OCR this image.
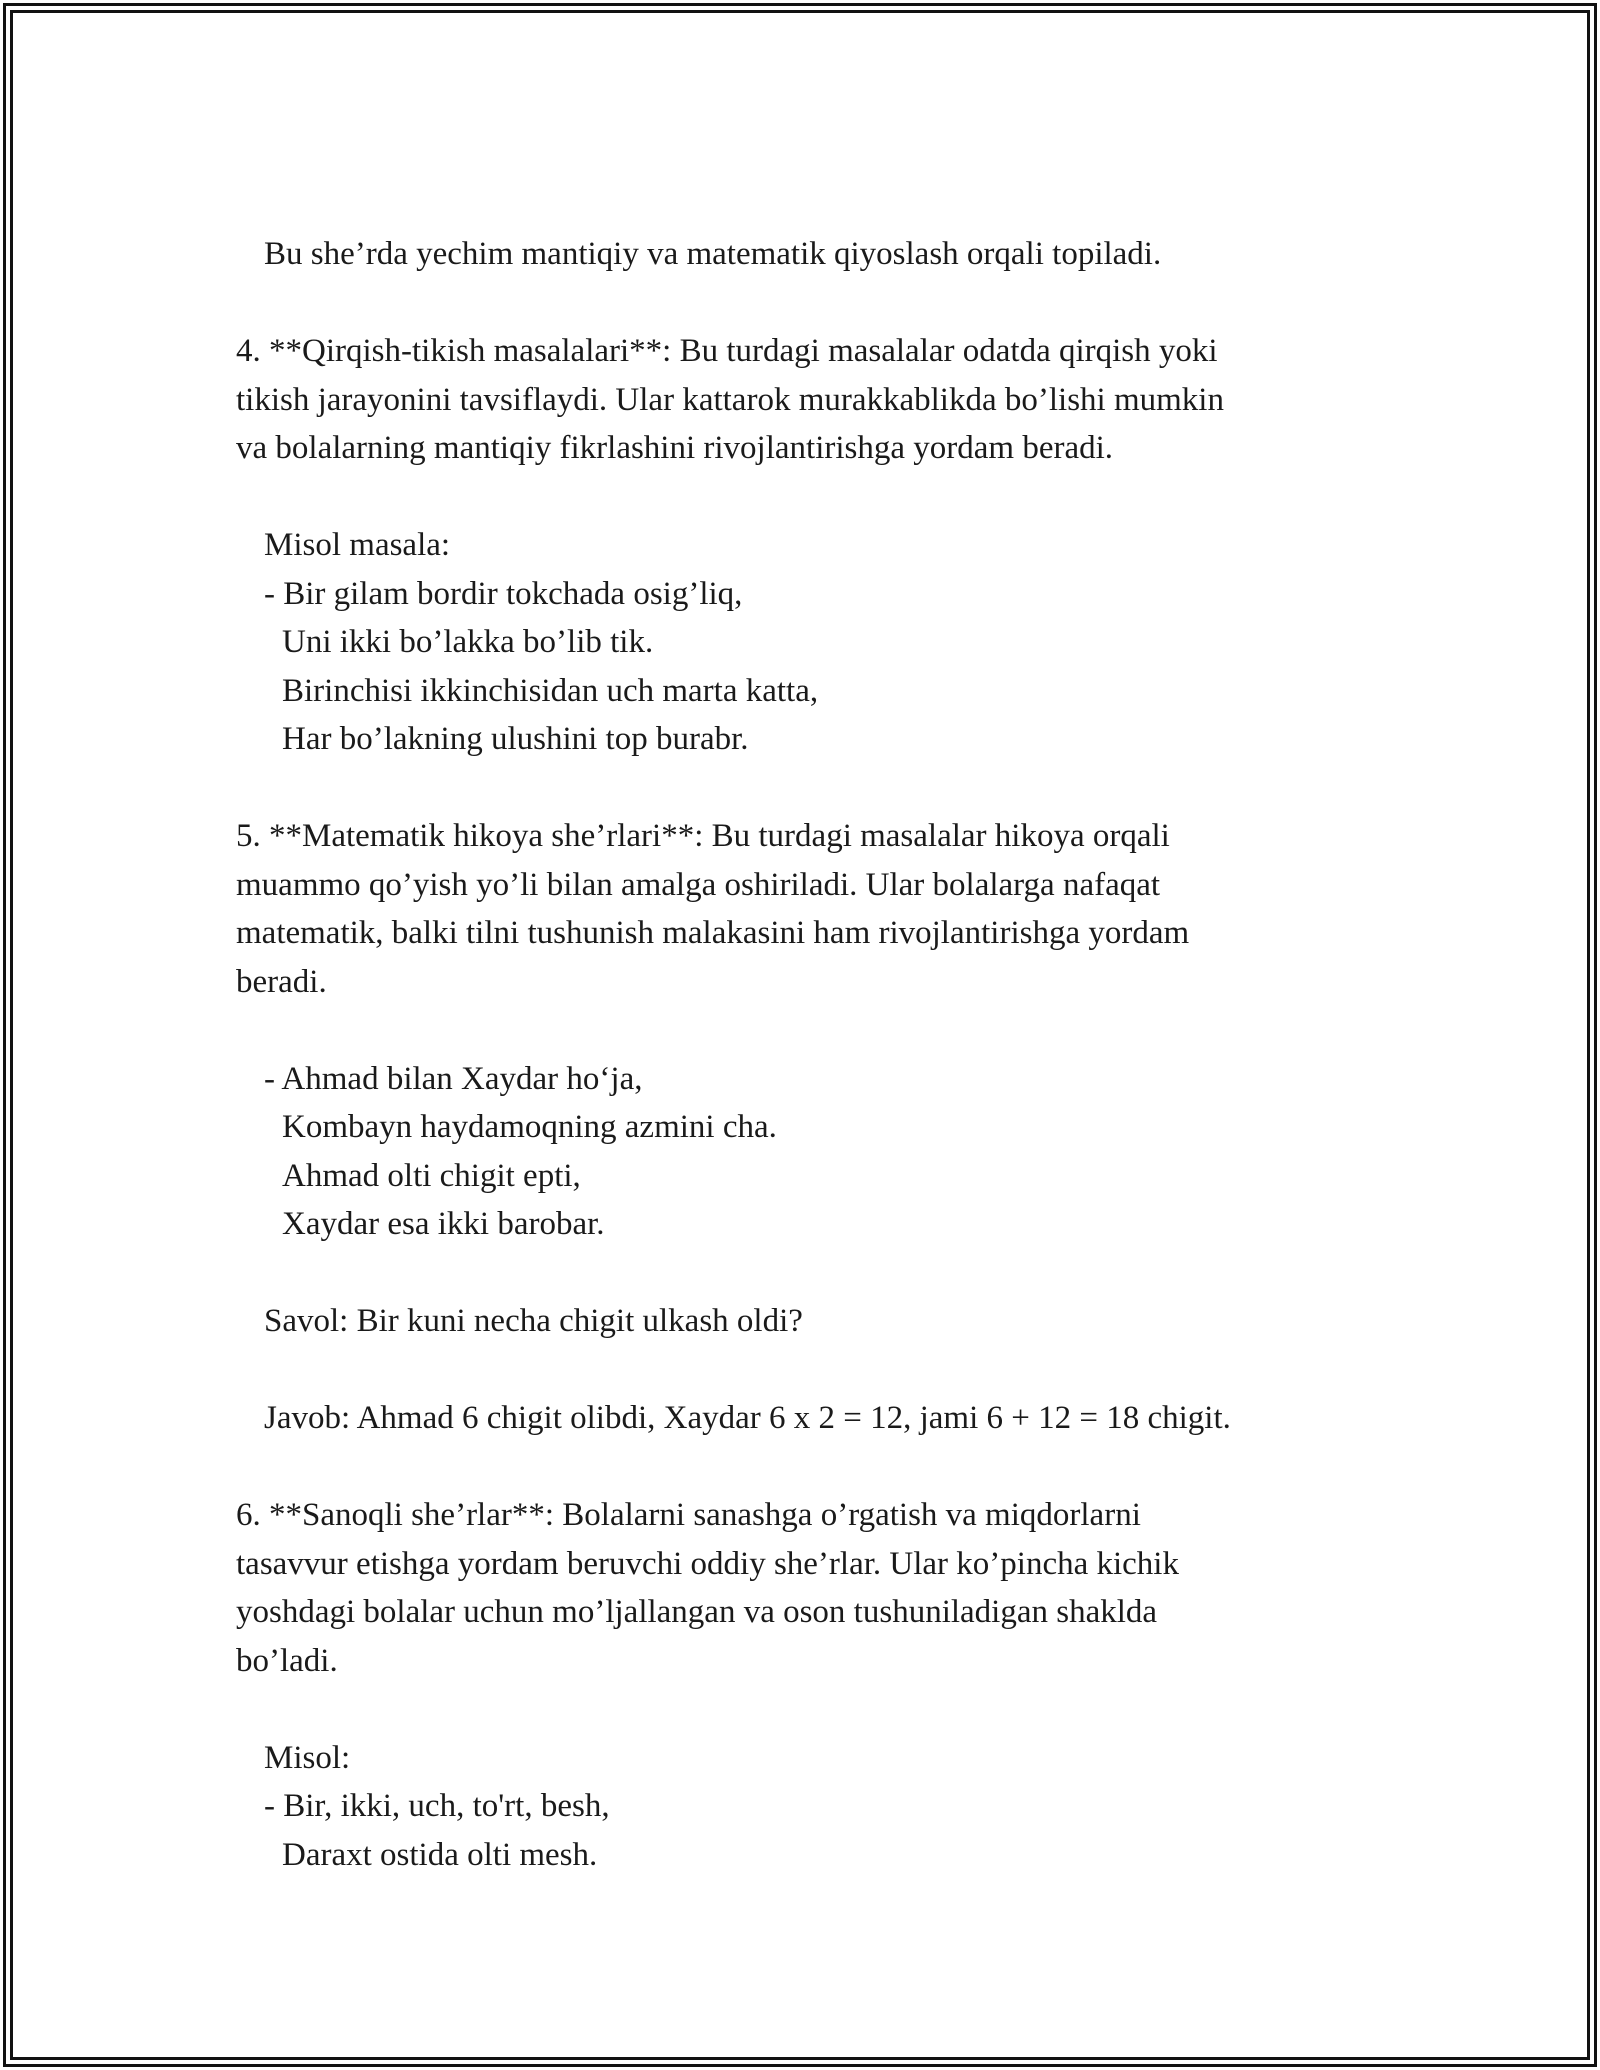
Bu she’rda yechim mantiqiy va matematik qiyoslash orqali topiladi.
4. **Qirqish-tikish masalalari**: Bu turdagi masalalar odatda qirqish yoki
tikish jarayonini tavsiflaydi. Ular kattarok murakkablikda bo’lishi mumkin
va bolalarning mantiqiy fikrlashini rivojlantirishga yordam beradi.
Misol masala:
- Bir gilam bordir tokchada osig’liq,
Uni ikki bo’lakka bo’lib tik.
Birinchisi ikkinchisidan uch marta katta,
Har bo’lakning ulushini top burabr.
5. **Matematik hikoya she’rlari**: Bu turdagi masalalar hikoya orqali
muammo qo’yish yo’li bilan amalga oshiriladi. Ular bolalarga nafaqat
matematik, balki tilni tushunish malakasini ham rivojlantirishga yordam
beradi.
- Ahmad bilan Xaydar ho‘ja,
Kombayn haydamoqning azmini cha.
Ahmad olti chigit epti,
Xaydar esa ikki barobar.
Savol: Bir kuni necha chigit ulkash oldi?
Javob: Ahmad 6 chigit olibdi, Xaydar 6 x 2 = 12, jami 6 + 12 = 18 chigit.
6. **Sanoqli she’rlar**: Bolalarni sanashga o’rgatish va miqdorlarni
tasavvur etishga yordam beruvchi oddiy she’rlar. Ular ko’pincha kichik
yoshdagi bolalar uchun mo’ljallangan va oson tushuniladigan shaklda
bo’ladi.
Misol:
- Bir, ikki, uch, to'rt, besh,
Daraxt ostida olti mesh.
